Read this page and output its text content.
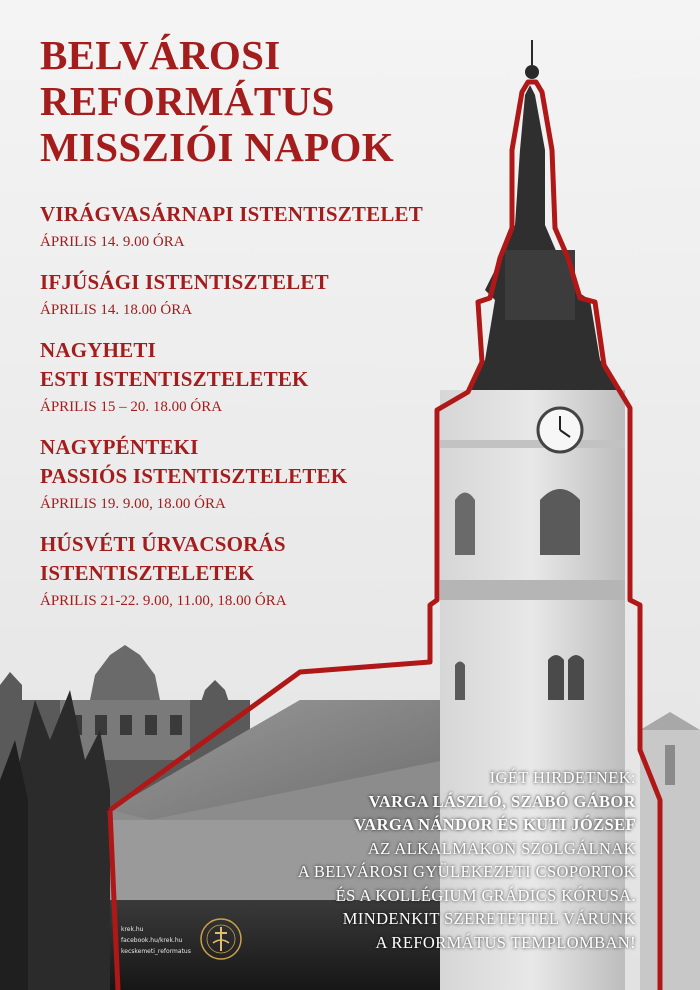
BELVÁROSI
REFORMÁTUS
MISSZIÓI NAPOK
VIRÁGVASÁRNAPI ISTENTISZTELET
ÁPRILIS 14. 9.00 ÓRA
IFJÚSÁGI ISTENTISZTELET
ÁPRILIS 14. 18.00 ÓRA
NAGYHETI
ESTI ISTENTISZTELETEK
ÁPRILIS 15 – 20. 18.00 ÓRA
NAGYPÉNTEKI
PASSIÓS ISTENTISZTELETEK
ÁPRILIS 19. 9.00, 18.00 ÓRA
HÚSVÉTI ÚRVACSORÁS
ISTENTISZTELETEK
ÁPRILIS 21-22. 9.00, 11.00, 18.00 ÓRA
IGÉT HIRDETNEK:
VARGA LÁSZLÓ, SZABÓ GÁBOR
VARGA NÁNDOR ÉS KUTI JÓZSEF
AZ ALKALMAKON SZOLGÁLNAK
A BELVÁROSI GYÜLEKEZETI CSOPORTOK
ÉS A KOLLÉGIUM GRÁDICS KÓRUSA.
MINDENKIT SZERETETTEL VÁRUNK
A REFORMÁTUS TEMPLOMBAN!
krek.hu
facebook.hu/krek.hu
kecskemeti_reformatus
